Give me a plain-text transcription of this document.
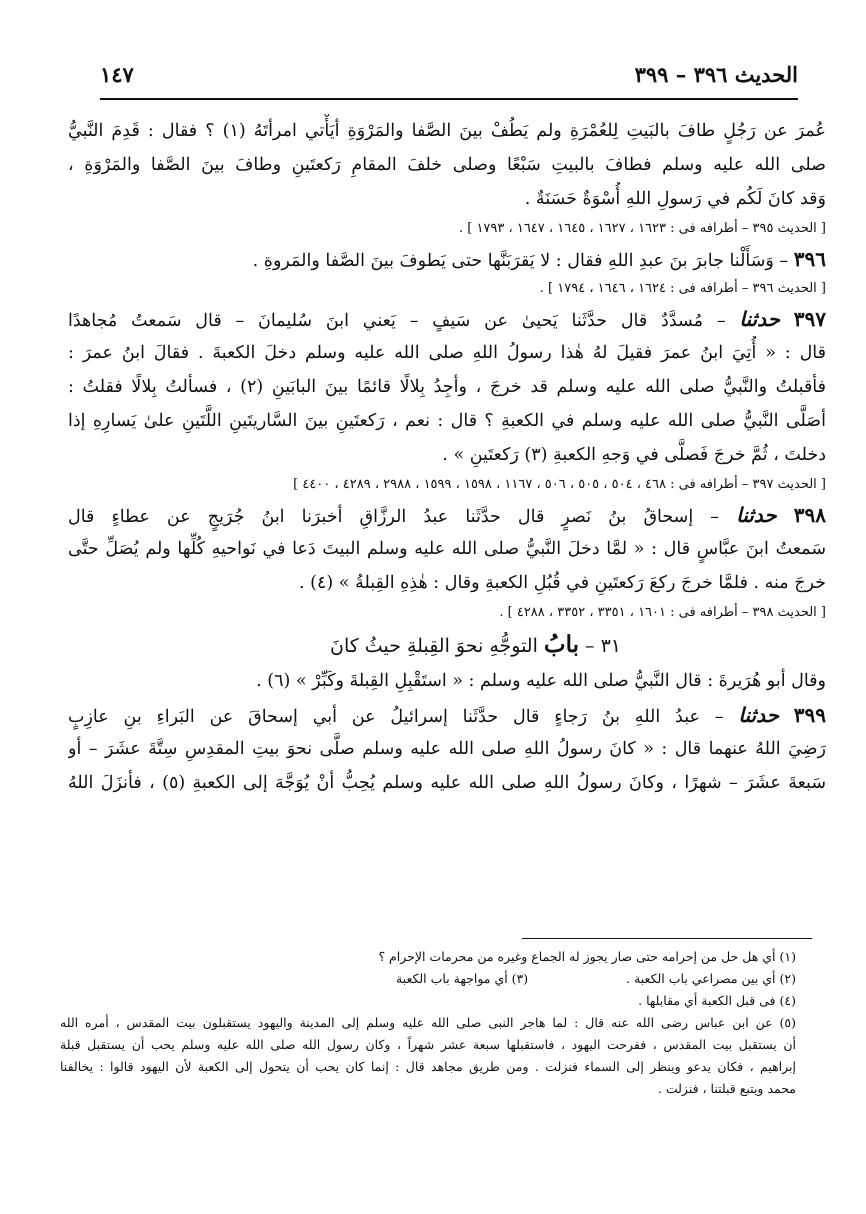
الحديث ٣٩٦ – ٣٩٩
١٤٧
عُمرَ عن رَجُلٍ طافَ بالبَيتِ لِلعُمْرَةِ ولم يَطُفْ بينَ الصَّفا والمَرْوَةِ أيَأْتي امرأتَهُ (١) ؟ فقال : قَدِمَ النَّبيُّ
صلى الله عليه وسلم فطافَ بالبيتِ سَبْعًا وصلى خلفَ المقامِ رَكعتَينِ وطافَ بينَ الصَّفا والمَرْوَةِ ،
وَقد كانَ لَكُم في رَسولِ اللهِ أُسْوَةٌ حَسَنَةٌ .
[ الحديث ٣٩٥ – أطرافه فى : ١٦٢٣ ، ١٦٢٧ ، ١٦٤٥ ، ١٦٤٧ ، ١٧٩٣ ] .
٣٩٦ – وَسَأَلْنا جابرَ بنَ عبدِ اللهِ فقال : لا يَقرَبَنَّها حتى يَطوفَ بينَ الصَّفا والمَروةِ .
[ الحديث ٣٩٦ – أطرافه فى : ١٦٢٤ ، ١٦٤٦ ، ١٧٩٤ ] .
٣٩٧ حدثنا – مُسدَّدٌ قال حدَّثَنا يَحيىٰ عن سَيفٍ – يَعني ابنَ سُليمانَ – قال سَمعتُ مُجاهدًا
قال : « أُتِيَ ابنُ عمرَ فقيلَ لهُ هٰذا رسولُ اللهِ صلى الله عليه وسلم دخلَ الكعبةَ . فقالَ ابنُ عمرَ :
فأقبلتُ والنَّبيُّ صلى الله عليه وسلم قد خرجَ ، وأجِدُ بِلالًا قائمًا بينَ البابَينِ (٢) ، فسألتُ بِلالًا فقلتُ :
أصَلَّى النَّبيُّ صلى الله عليه وسلم في الكعبةِ ؟ قال : نعم ، رَكعتَينِ بينَ السَّاريتَينِ اللَّتَينِ علىٰ يَسارِهِ إذا
دخلتَ ، ثُمَّ خرجَ فَصلَّى في وَجهِ الكعبةِ (٣) رَكعتَينِ » .
[ الحديث ٣٩٧ – أطرافه فى : ٤٦٨ ، ٥٠٤ ، ٥٠٥ ، ٥٠٦ ، ١١٦٧ ، ١٥٩٨ ، ١٥٩٩ ، ٢٩٨٨ ، ٤٢٨٩ ، ٤٤٠٠ ]
٣٩٨ حدثنا – إسحاقُ بنُ نَصرٍ قال حدَّثَنا عبدُ الرزَّاقِ أخبرَنا ابنُ جُرَيجٍ عن عطاءٍ قال
سَمعتُ ابنَ عبَّاسٍ قال : « لمَّا دخلَ النَّبيُّ صلى الله عليه وسلم البيتَ دَعا في نَواحيهِ كُلِّها ولم يُصَلِّ حتَّى
خرجَ منه . فلمَّا خرجَ ركعَ رَكعتَينِ في قُبُلِ الكعبةِ وقال : هٰذِهِ القِبلةُ » (٤) .
[ الحديث ٣٩٨ – أطرافه فى : ١٦٠١ ، ٣٣٥١ ، ٣٣٥٢ ، ٤٢٨٨ ] .
٣١ – بابُ التوجُّهِ نحوَ القِبلةِ حيثُ كانَ
وقال أبو هُرَيرةَ : قال النَّبيُّ صلى الله عليه وسلم : « استَقْبِلِ القِبلةَ وكَبِّرْ » (٦) .
٣٩٩ حدثنا – عبدُ اللهِ بنُ رَجاءٍ قال حدَّثَنا إسرائيلُ عن أبي إسحاقَ عن البَراءِ بنِ عازِبٍ
رَضِيَ اللهُ عنهما قال : « كانَ رسولُ اللهِ صلى الله عليه وسلم صلَّى نحوَ بيتِ المقدِسِ سِتَّةَ عشَرَ – أو
سَبعةَ عشَرَ – شهرًا ، وكانَ رسولُ اللهِ صلى الله عليه وسلم يُحِبُّ أنْ يُوَجَّهَ إلى الكعبةِ (٥) ، فأنزَلَ اللهُ
(١) أي هل حل من إحرامه حتى صار يجوز له الجماع وغيره من محرمات الإحرام ؟
(٢) أي بين مصراعي باب الكعبة .  (٣) أي مواجهة باب الكعبة
(٤) فى قبل الكعبة أي مقابلها .
(٥) عن ابن عباس رضى الله عنه قال : لما هاجر النبى صلى الله عليه وسلم إلى المدينة واليهود يستقبلون بيت المقدس ، أمره الله
أن يستقبل بيت المقدس ، ففرحت اليهود ، فاستقبلها سبعة عشر شهراً ، وكان رسول الله صلى الله عليه وسلم يحب أن يستقبل قبلة
إبراهيم ، فكان يدعو وينظر إلى السماء فنزلت . ومن طريق مجاهد قال : إنما كان يحب أن يتحول إلى الكعبة لأن اليهود قالوا : يخالفنا
محمد ويتبع قبلتنا ، فنزلت .
